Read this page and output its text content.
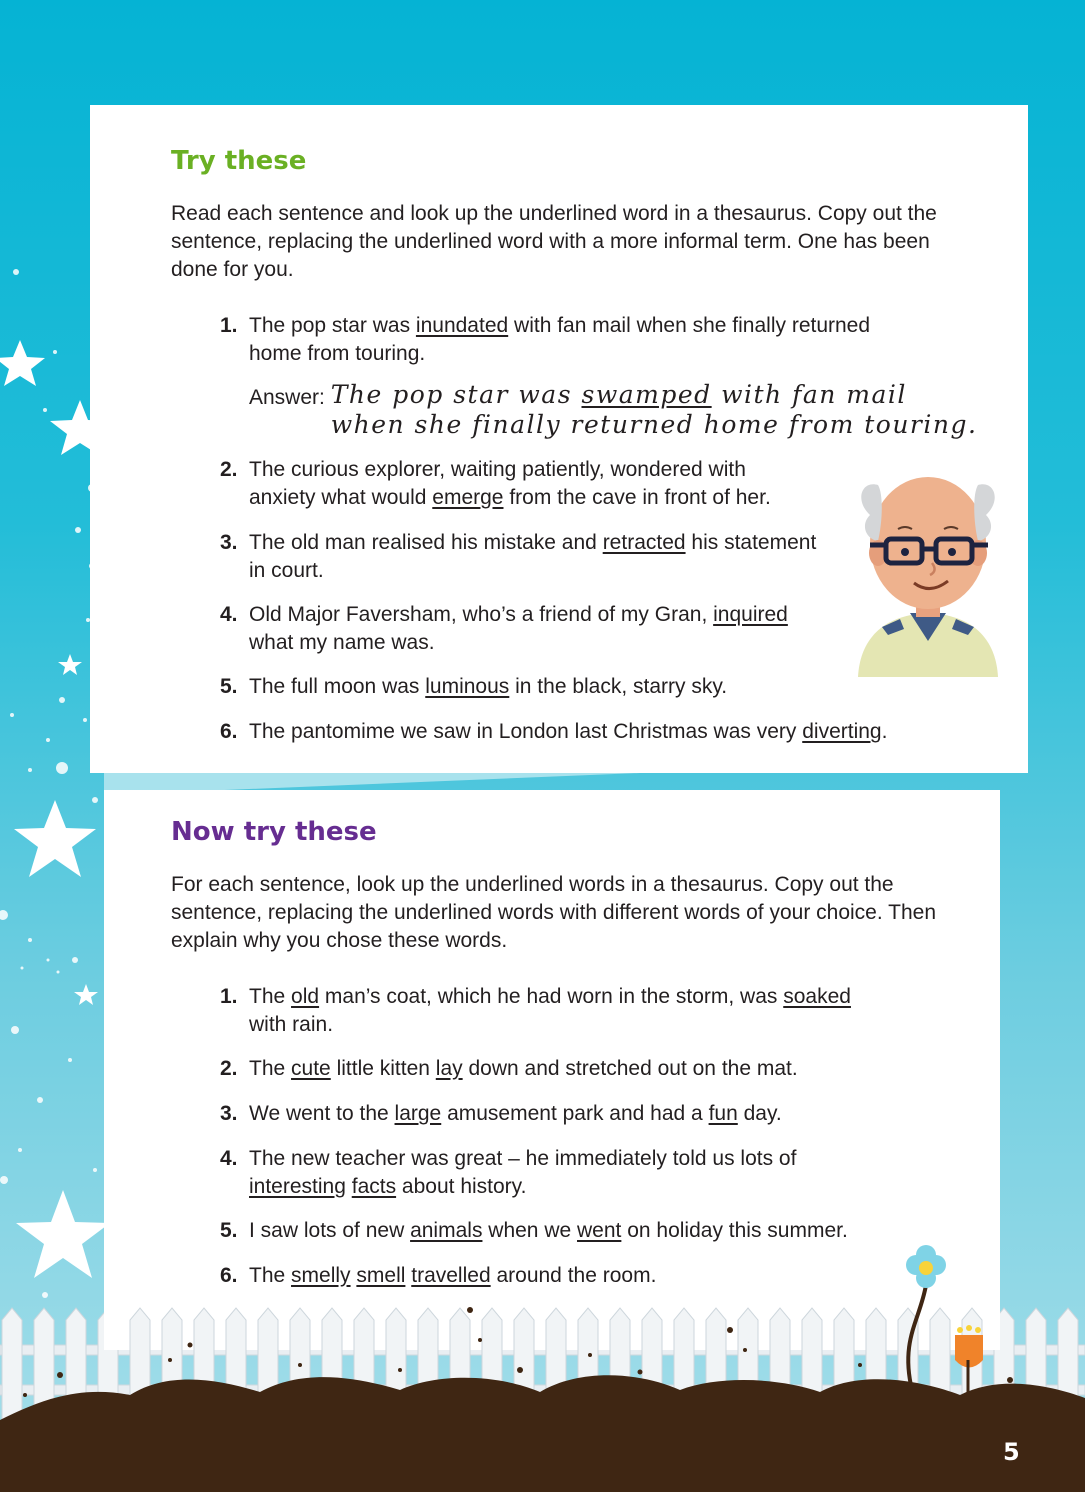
Try these

Read each sentence and look up the underlined word in a thesaurus. Copy out the sentence, replacing the underlined word with a more informal term. One has been done for you.

1. The pop star was inundated with fan mail when she finally returned
home from touring.

Answer: The pop star was swamped with fan mail
when she finally returned home from touring.

2. The curious explorer, waiting patiently, wondered with
anxiety what would emerge from the cave in front of her.

3. The old man realised his mistake and retracted his statement
in court.

4. Old Major Faversham, who’s a friend of my Gran, inquired
what my name was.

5. The full moon was luminous in the black, starry sky.

6. The pantomime we saw in London last Christmas was very diverting.

Now try these

For each sentence, look up the underlined words in a thesaurus. Copy out the sentence, replacing the underlined words with different words of your choice. Then explain why you chose these words.

1. The old man’s coat, which he had worn in the storm, was soaked
with rain.

2. The cute little kitten lay down and stretched out on the mat.

3. We went to the large amusement park and had a fun day.

4. The new teacher was great – he immediately told us lots of
interesting facts about history.

5. I saw lots of new animals when we went on holiday this summer.

6. The smelly smell travelled around the room.

5
